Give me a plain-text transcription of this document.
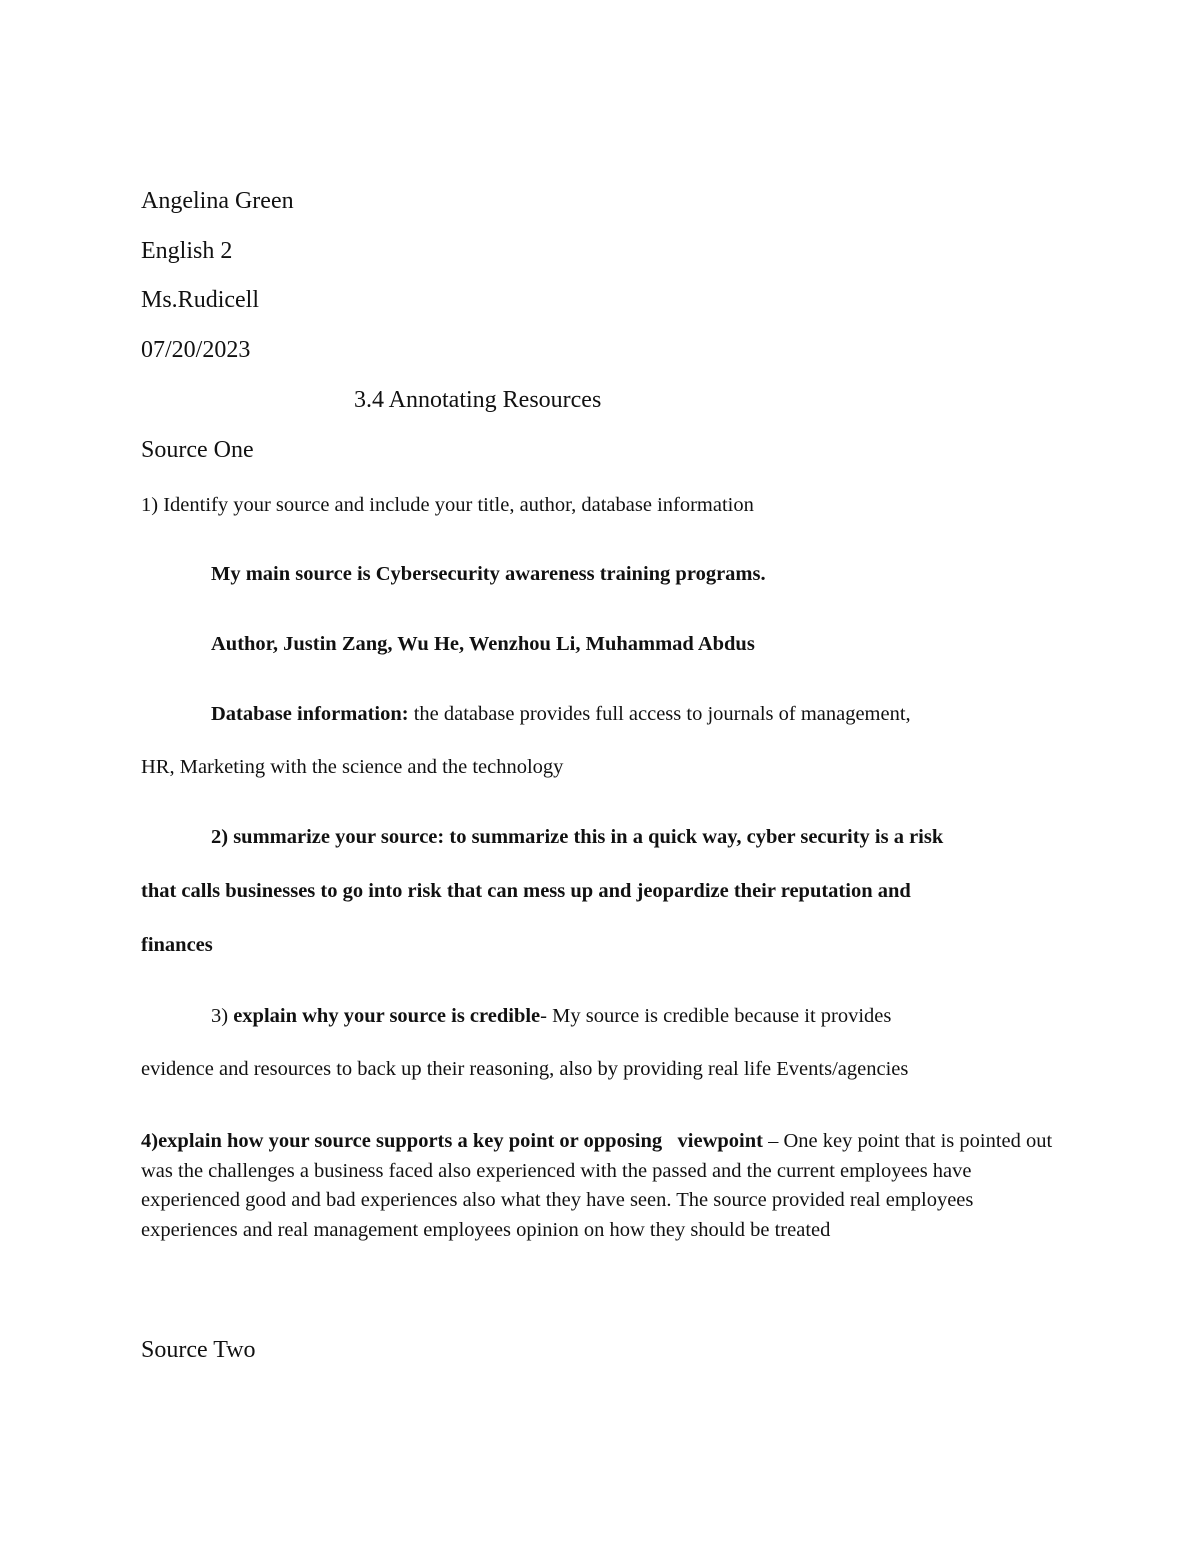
Angelina Green
English 2
Ms.Rudicell
07/20/2023
3.4 Annotating Resources
Source One
1) Identify your source and include your title, author, database information
My main source is Cybersecurity awareness training programs.
Author, Justin Zang, Wu He, Wenzhou Li, Muhammad Abdus
Database information: the database provides full access to journals of management,
HR, Marketing with the science and the technology
2) summarize your source: to summarize this in a quick way, cyber security is a risk
that calls businesses to go into risk that can mess up and jeopardize their reputation and
finances
3) explain why your source is credible- My source is credible because it provides
evidence and resources to back up their reasoning, also by providing real life Events/agencies
4)explain how your source supports a key point or opposing   viewpoint – One key point that is pointed out was the challenges a business faced also experienced with the passed and the current employees have experienced good and bad experiences also what they have seen. The source provided real employees experiences and real management employees opinion on how they should be treated
Source Two
